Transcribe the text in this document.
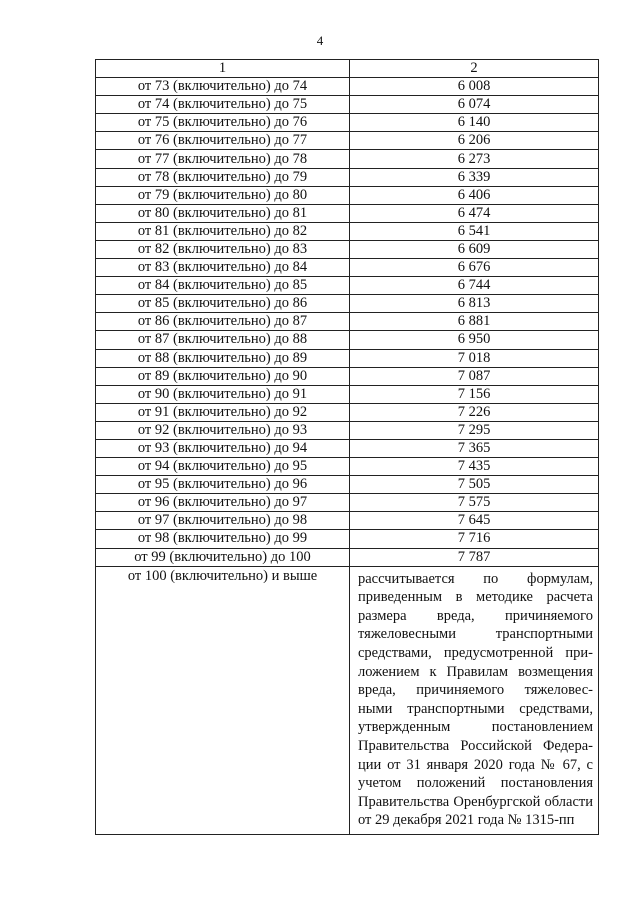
4
1	2
от 73 (включительно) до 74	6 008
от 74 (включительно) до 75	6 074
от 75 (включительно) до 76	6 140
от 76 (включительно) до 77	6 206
от 77 (включительно) до 78	6 273
от 78 (включительно) до 79	6 339
от 79 (включительно) до 80	6 406
от 80 (включительно) до 81	6 474
от 81 (включительно) до 82	6 541
от 82 (включительно) до 83	6 609
от 83 (включительно) до 84	6 676
от 84 (включительно) до 85	6 744
от 85 (включительно) до 86	6 813
от 86 (включительно) до 87	6 881
от 87 (включительно) до 88	6 950
от 88 (включительно) до 89	7 018
от 89 (включительно) до 90	7 087
от 90 (включительно) до 91	7 156
от 91 (включительно) до 92	7 226
от 92 (включительно) до 93	7 295
от 93 (включительно) до 94	7 365
от 94 (включительно) до 95	7 435
от 95 (включительно) до 96	7 505
от 96 (включительно) до 97	7 575
от 97 (включительно) до 98	7 645
от 98 (включительно) до 99	7 716
от 99 (включительно) до 100	7 787
от 100 (включительно) и выше	рассчитывается по формулам, приведенным в методике расчета размера вреда, причиняемого тяжеловесными транспортными средствами, предусмотренной при-ложением к Правилам возмещения вреда, причиняемого тяжеловес-ными транспортными средствами, утвержденным постановлением Правительства Российской Федера-ции от 31 января 2020 года № 67, с учетом положений постановления Правительства Оренбургской области от 29 декабря 2021 года № 1315-пп
